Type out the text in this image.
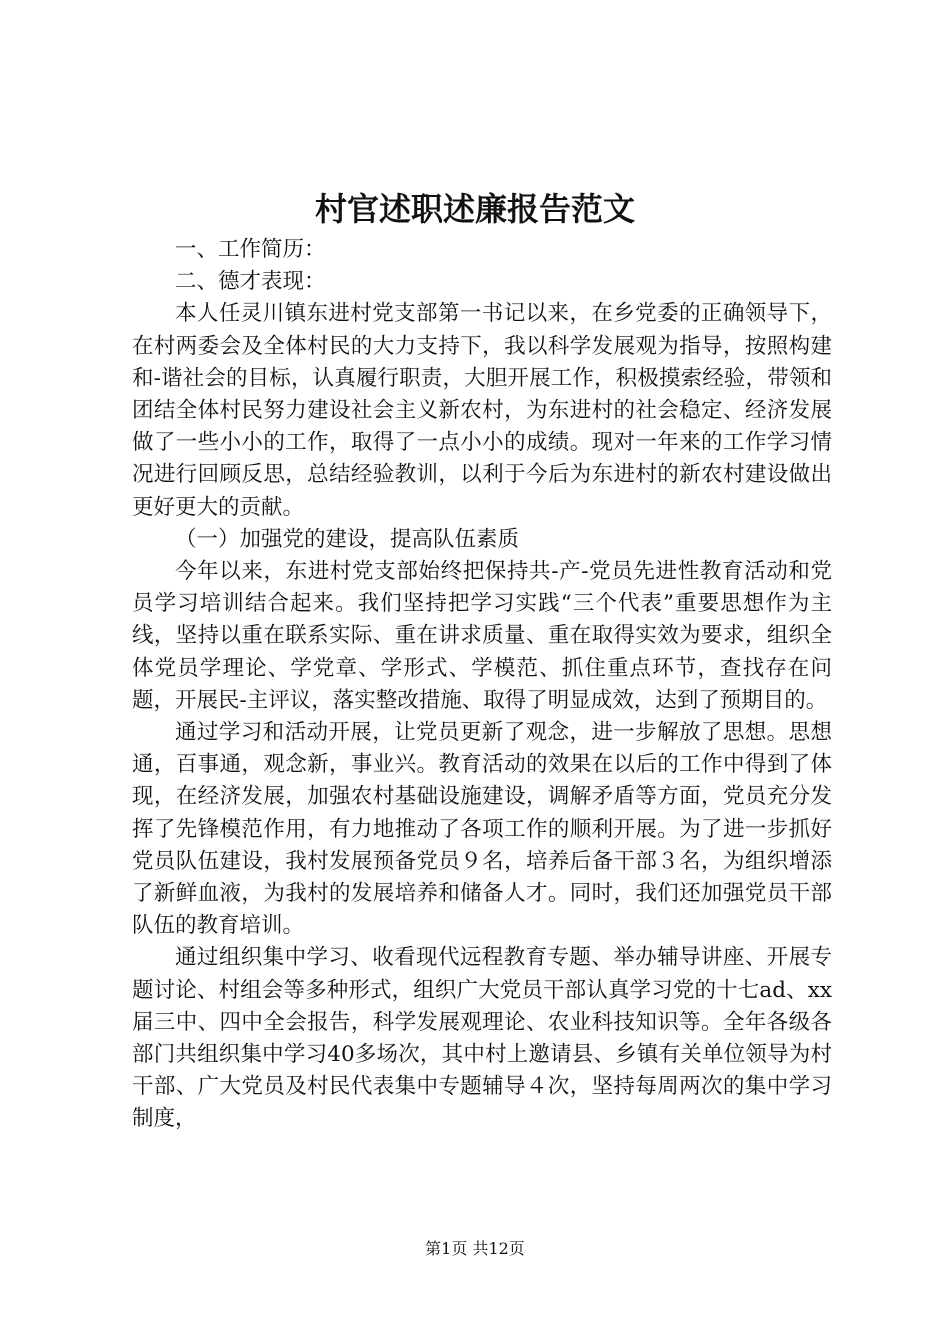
村官述职述廉报告范文

一、工作简历：

二、德才表现：

本人任灵川镇东进村党支部第一书记以来，在乡党委的正确领导下，在村两委会及全体村民的大力支持下，我以科学发展观为指导，按照构建和-谐社会的目标，认真履行职责，大胆开展工作，积极摸索经验，带领和团结全体村民努力建设社会主义新农村，为东进村的社会稳定、经济发展做了一些小小的工作，取得了一点小小的成绩。现对一年来的工作学习情况进行回顾反思，总结经验教训，以利于今后为东进村的新农村建设做出更好更大的贡献。

（一）加强党的建设，提高队伍素质

今年以来，东进村党支部始终把保持共-产-党员先进性教育活动和党员学习培训结合起来。我们坚持把学习实践“三个代表”重要思想作为主线，坚持以重在联系实际、重在讲求质量、重在取得实效为要求，组织全体党员学理论、学党章、学形式、学模范、抓住重点环节，查找存在问题，开展民-主评议，落实整改措施、取得了明显成效，达到了预期目的。

通过学习和活动开展，让党员更新了观念，进一步解放了思想。思想通，百事通，观念新，事业兴。教育活动的效果在以后的工作中得到了体现，在经济发展，加强农村基础设施建设，调解矛盾等方面，党员充分发挥了先锋模范作用，有力地推动了各项工作的顺利开展。为了进一步抓好党员队伍建设，我村发展预备党员９名，培养后备干部３名，为组织增添了新鲜血液，为我村的发展培养和储备人才。同时，我们还加强党员干部队伍的教育培训。

通过组织集中学习、收看现代远程教育专题、举办辅导讲座、开展专题讨论、村组会等多种形式，组织广大党员干部认真学习党的十七ad、xx届三中、四中全会报告，科学发展观理论、农业科技知识等。全年各级各部门共组织集中学习40多场次，其中村上邀请县、乡镇有关单位领导为村干部、广大党员及村民代表集中专题辅导４次，坚持每周两次的集中学习制度，

第1页 共12页
